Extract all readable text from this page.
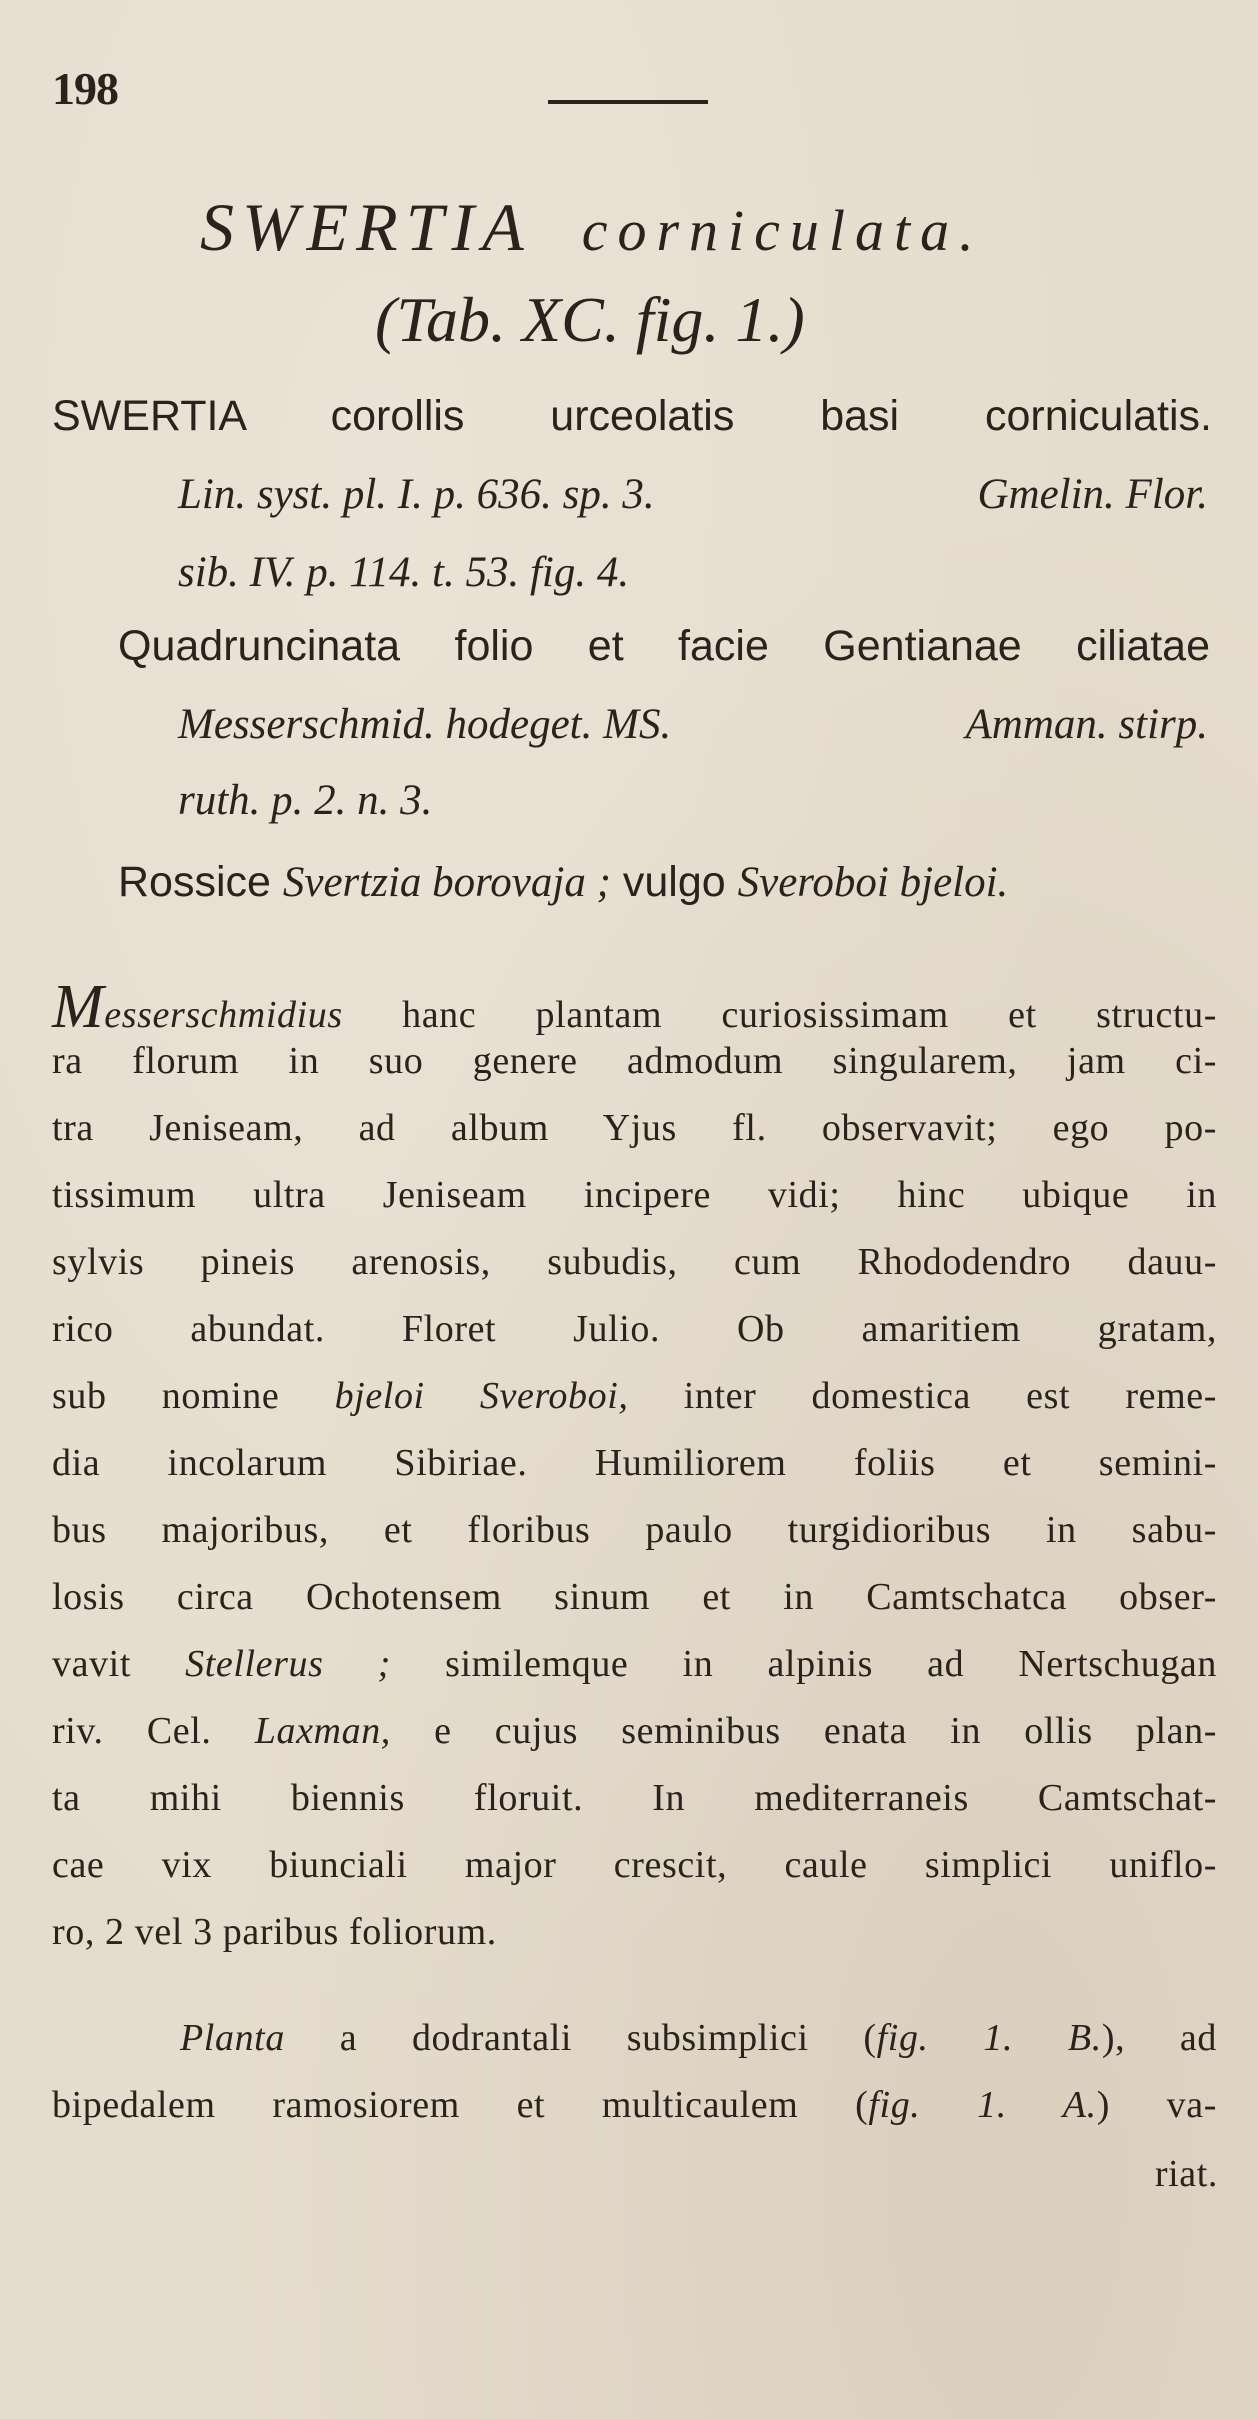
198
SWERTIA corniculata.
(Tab. XC. fig. 1.)
SWERTIA corollis urceolatis basi corniculatis.
Lin. syst. pl. I. p. 636. sp. 3.	Gmelin. Flor.
sib. IV. p. 114. t. 53. fig. 4.
Quadruncinata folio et facie Gentianae ciliatae
Messerschmid. hodeget. MS.	Amman. stirp.
ruth. p. 2. n. 3.
Rossice Svertzia borovaja ; vulgo Sveroboi bjeloi.
Messerschmidius hanc plantam curiosissimam et structu-
ra florum in suo genere admodum singularem, jam ci-
tra Jeniseam, ad album Yjus fl. observavit; ego po-
tissimum ultra Jeniseam incipere vidi; hinc ubique in
sylvis pineis arenosis, subudis, cum Rhododendro dauu-
rico abundat. Floret Julio. Ob amaritiem gratam,
sub nomine bjeloi Sveroboi, inter domestica est reme-
dia incolarum Sibiriae. Humiliorem foliis et semini-
bus majoribus, et floribus paulo turgidioribus in sabu-
losis circa Ochotensem sinum et in Camtschatca obser-
vavit Stellerus ; similemque in alpinis ad Nertschugan
riv. Cel. Laxman, e cujus seminibus enata in ollis plan-
ta mihi biennis floruit. In mediterraneis Camtschat-
cae vix biunciali major crescit, caule simplici uniflo-
ro, 2 vel 3 paribus foliorum.
Planta a dodrantali subsimplici (fig. 1. B.), ad
bipedalem ramosiorem et multicaulem (fig. 1. A.) va-
riat.
